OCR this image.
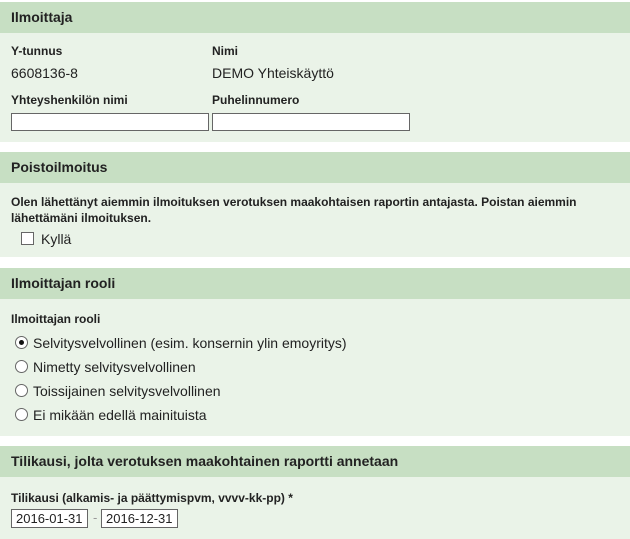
Ilmoittaja
Y-tunnus
6608136-8
Nimi
DEMO Yhteiskäyttö
Yhteyshenkilön nimi	Puhelinnumero
Poistoilmoitus
Olen lähettänyt aiemmin ilmoituksen verotuksen maakohtaisen raportin antajasta. Poistan aiemmin lähettämäni ilmoituksen.
Kyllä
Ilmoittajan rooli
Ilmoittajan rooli
Selvitysvelvollinen (esim. konsernin ylin emoyritys)
Nimetty selvitysvelvollinen
Toissijainen selvitysvelvollinen
Ei mikään edellä mainituista
Tilikausi, jolta verotuksen maakohtainen raportti annetaan
Tilikausi (alkamis- ja päättymispvm, vvvv-kk-pp) *
2016-01-31 - 2016-12-31
